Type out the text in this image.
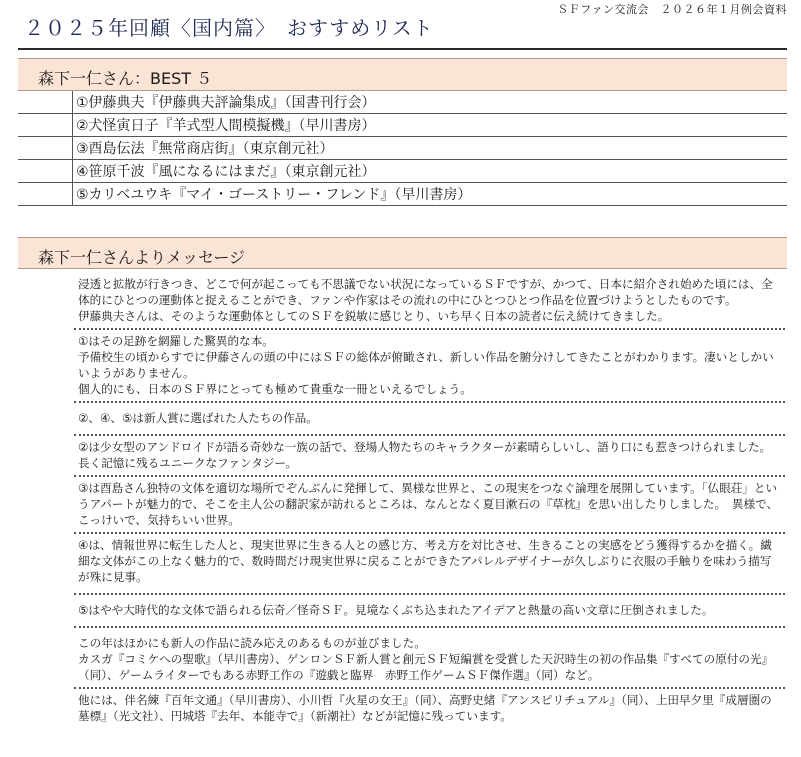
ＳＦファン交流会　２０２６年１月例会資料
２０２５年回顧〈国内篇〉　おすすめリスト
森下一仁さん：BEST ５
	①伊藤典夫『伊藤典夫評論集成』（国書刊行会）
	②犬怪寅日子『羊式型人間模擬機』（早川書房）
	③酉島伝法『無常商店街』（東京創元社）
	④笹原千波『風になるにはまだ』（東京創元社）
	⑤カリベユウキ『マイ・ゴーストリー・フレンド』（早川書房）
森下一仁さんよりメッセージ

浸透と拡散が行きつき、どこで何が起こっても不思議でない状況になっているＳＦですが、かつて、日本に紹介され始めた頃には、全体的にひとつの運動体と捉えることができ、ファンや作家はその流れの中にひとつひとつ作品を位置づけようとしたものです。

伊藤典夫さんは、そのような運動体としてのＳＦを鋭敏に感じとり、いち早く日本の読者に伝え続けてきました。

①はその足跡を網羅した驚異的な本。

予備校生の頃からすでに伊藤さんの頭の中にはＳＦの総体が俯瞰され、新しい作品を腑分けしてきたことがわかります。凄いとしかいいようがありません。

個人的にも、日本のＳＦ界にとっても極めて貴重な一冊といえるでしょう。

②、④、⑤は新人賞に選ばれた人たちの作品。

②は少女型のアンドロイドが語る奇妙な一族の話で、登場人物たちのキャラクターが素晴らしいし、語り口にも惹きつけられました。長く記憶に残るユニークなファンタジー。

③は酉島さん独特の文体を適切な場所でぞんぶんに発揮して、異様な世界と、この現実をつなぐ論理を展開しています。「仏眼荘」というアパートが魅力的で、そこを主人公の翻訳家が訪れるところは、なんとなく夏目漱石の『草枕』を思い出したりしました。　異様で、こっけいで、気持ちいい世界。

④は、情報世界に転生した人と、現実世界に生きる人との感じ方、考え方を対比させ、生きることの実感をどう獲得するかを描く。繊細な文体がこの上なく魅力的で、数時間だけ現実世界に戻ることができたアパレルデザイナーが久しぶりに衣服の手触りを味わう描写が殊に見事。

⑤はやや大時代的な文体で語られる伝奇／怪奇ＳＦ。見境なくぶち込まれたアイデアと熱量の高い文章に圧倒されました。

この年はほかにも新人の作品に読み応えのあるものが並びました。

カスガ『コミケへの聖歌』（早川書房）、ゲンロンＳＦ新人賞と創元ＳＦ短編賞を受賞した天沢時生の初の作品集『すべての原付の光』（同）、ゲームライターでもある赤野工作の『遊戯と臨界　赤野工作ゲームＳＦ傑作選』（同）など。

他には、伴名練『百年文通』（早川書房）、小川哲『火星の女王』（同）、高野史緒『アンスピリチュアル』（同）、上田早夕里『成層圏の墓標』（光文社）、円城塔『去年、本能寺で』（新潮社）などが記憶に残っています。
